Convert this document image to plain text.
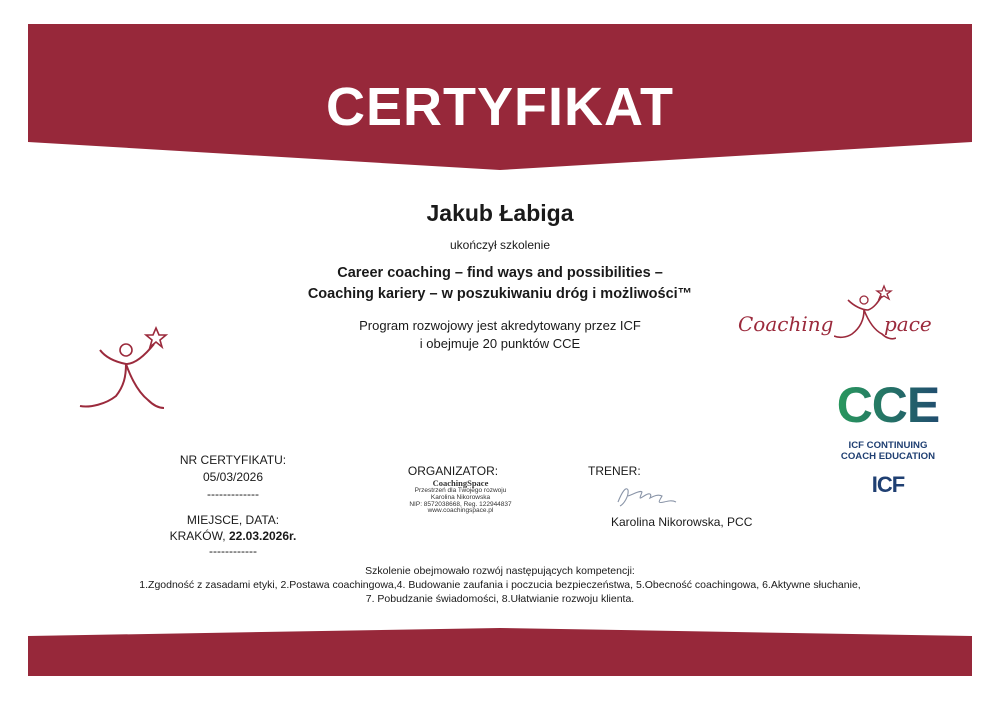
CERTYFIKAT
Jakub Łabiga
ukończył szkolenie
Career coaching – find ways and possibilities –
Coaching kariery – w poszukiwaniu dróg i możliwości™
Program rozwojowy jest akredytowany przez ICF
i obejmuje 20 punktów CCE
NR CERTYFIKATU:
05/03/2026
-------------
MIEJSCE, DATA:
KRAKÓW, 22.03.2026r.
------------
ORGANIZATOR:
CoachingSpace
Przestrzeń dla Twojego rozwoju
Karolina Nikorowska
NIP: 8572038668, Reg. 122944837
www.coachingspace.pl
TRENER:
Karolina Nikorowska, PCC
Szkolenie obejmowało rozwój następujących kompetencji:
1.Zgodność z zasadami etyki, 2.Postawa coachingowa,4. Budowanie zaufania i poczucia bezpieczeństwa, 5.Obecność coachingowa, 6.Aktywne słuchanie,
7. Pobudzanie świadomości, 8.Ułatwianie rozwoju klienta.
Coaching	pace
CCE
ICF CONTINUING
COACH EDUCATION
ICF
